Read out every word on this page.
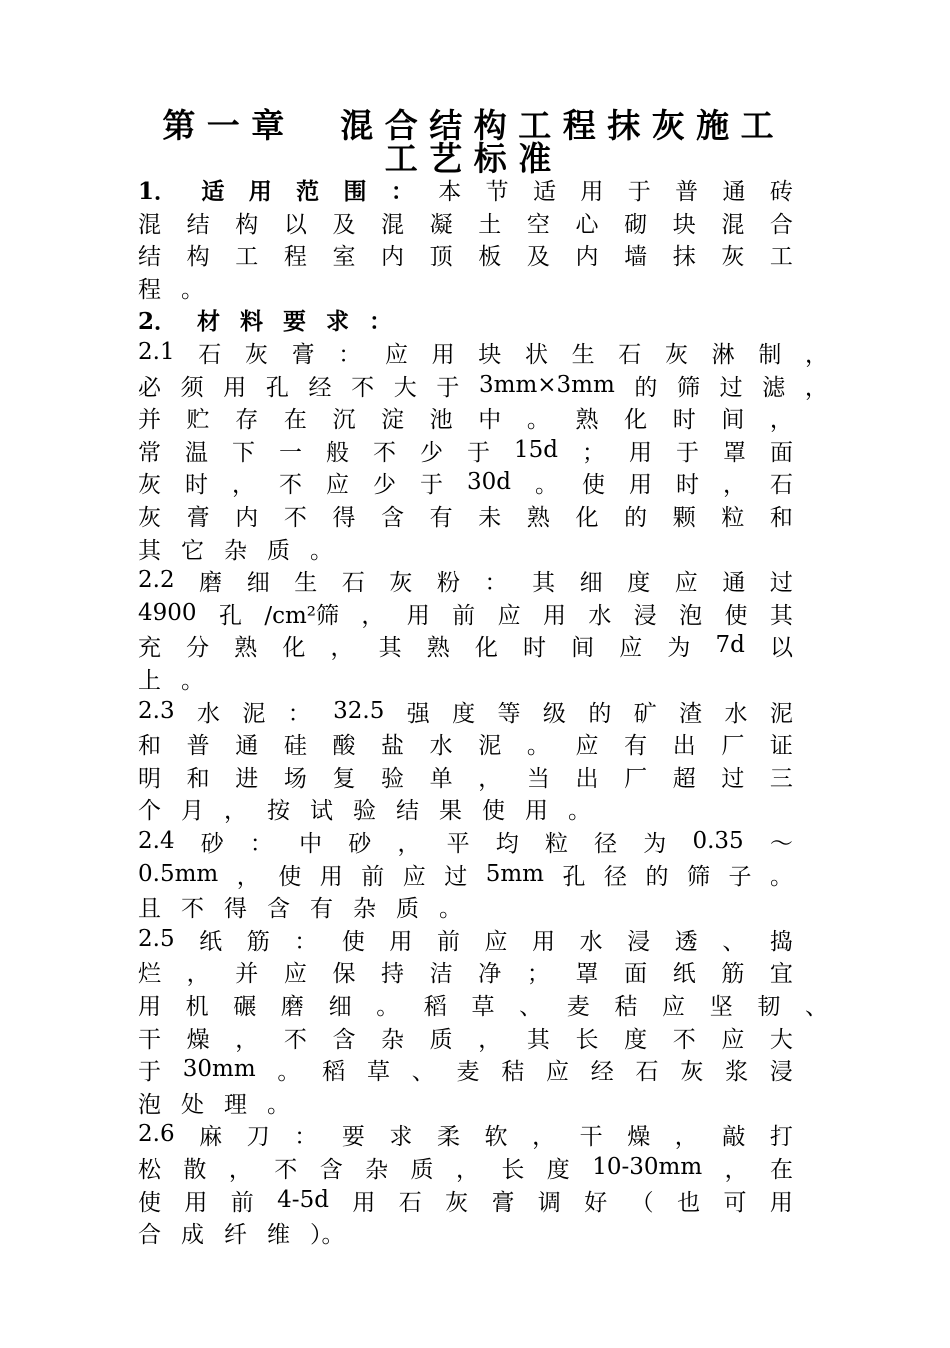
第 一 章 　 混 合 结 构 工 程 抹 灰 施 工
工 艺 标 准
1． 适 用 范 围 ： 本 节 适 用 于 普 通 砖
混 结 构 以 及 混 凝 土 空 心 砌 块 混 合
结 构 工 程 室 内 顶 板 及 内 墙 抹 灰 工
程 。
2． 材 料 要 求 ：
2.1 石 灰 膏 ： 应 用 块 状 生 石 灰 淋 制 ，
必 须 用 孔 经 不 大 于 3mm×3mm 的 筛 过 滤 ，
并 贮 存 在 沉 淀 池 中 。 熟 化 时 间 ，
常 温 下 一 般 不 少 于 15d ； 用 于 罩 面
灰 时 ， 不 应 少 于 30d 。 使 用 时 ， 石
灰 膏 内 不 得 含 有 未 熟 化 的 颗 粒 和
其 它 杂 质 。
2.2 磨 细 生 石 灰 粉 ： 其 细 度 应 通 过
4900 孔 /cm²筛 ， 用 前 应 用 水 浸 泡 使 其
充 分 熟 化 ， 其 熟 化 时 间 应 为 7d 以
上 。
2.3 水 泥 ： 32.5 强 度 等 级 的 矿 渣 水 泥
和 普 通 硅 酸 盐 水 泥 。 应 有 出 厂 证
明 和 进 场 复 验 单 ， 当 出 厂 超 过 三
个 月 ， 按 试 验 结 果 使 用 。
2.4 砂 ： 中 砂 ， 平 均 粒 径 为 0.35 ～
0.5mm ， 使 用 前 应 过 5mm 孔 径 的 筛 子 。
且 不 得 含 有 杂 质 。
2.5 纸 筋 ： 使 用 前 应 用 水 浸 透 、 捣
烂 ， 并 应 保 持 洁 净 ； 罩 面 纸 筋 宜
用 机 碾 磨 细 。 稻 草 、 麦 秸 应 坚 韧 、
干 燥 ， 不 含 杂 质 ， 其 长 度 不 应 大
于 30mm 。 稻 草 、 麦 秸 应 经 石 灰 浆 浸
泡 处 理 。
2.6 麻 刀 ： 要 求 柔 软 ， 干 燥 ， 敲 打
松 散 ， 不 含 杂 质 ， 长 度 10-30mm ， 在
使 用 前 4-5d 用 石 灰 膏 调 好 （ 也 可 用
合 成 纤 维 ）。
